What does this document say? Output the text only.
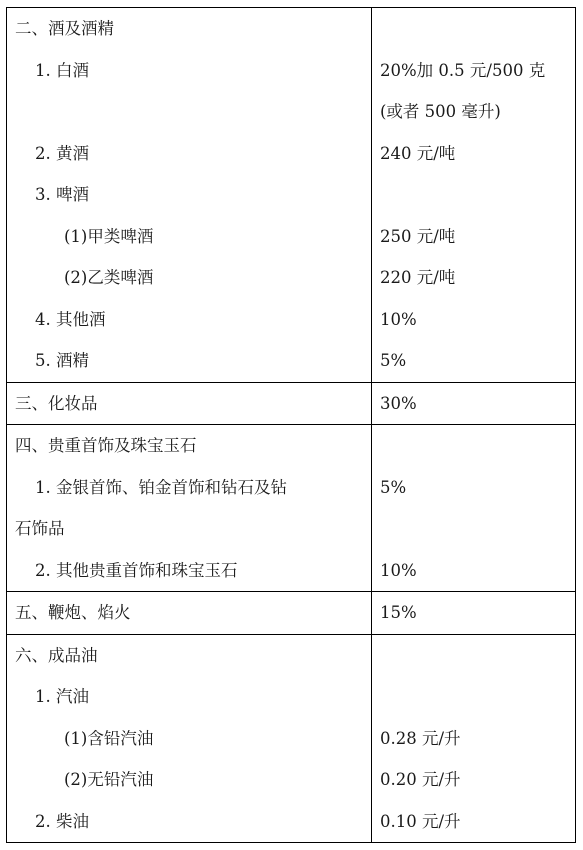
二、酒及酒精	

1. 白酒	20%加 0.5 元/500 克

	(或者 500 毫升)

2. 黄酒	240 元/吨

3. 啤酒	

(1)甲类啤酒	250 元/吨

(2)乙类啤酒	220 元/吨

4. 其他酒	10%

5. 酒精	5%

三、化妆品	30%

四、贵重首饰及珠宝玉石	

1. 金银首饰、铂金首饰和钻石及钻	5%

石饰品	

2. 其他贵重首饰和珠宝玉石	10%

五、鞭炮、焰火	15%

六、成品油	

1. 汽油	

(1)含铅汽油	0.28 元/升

(2)无铅汽油	0.20 元/升

2. 柴油	0.10 元/升
